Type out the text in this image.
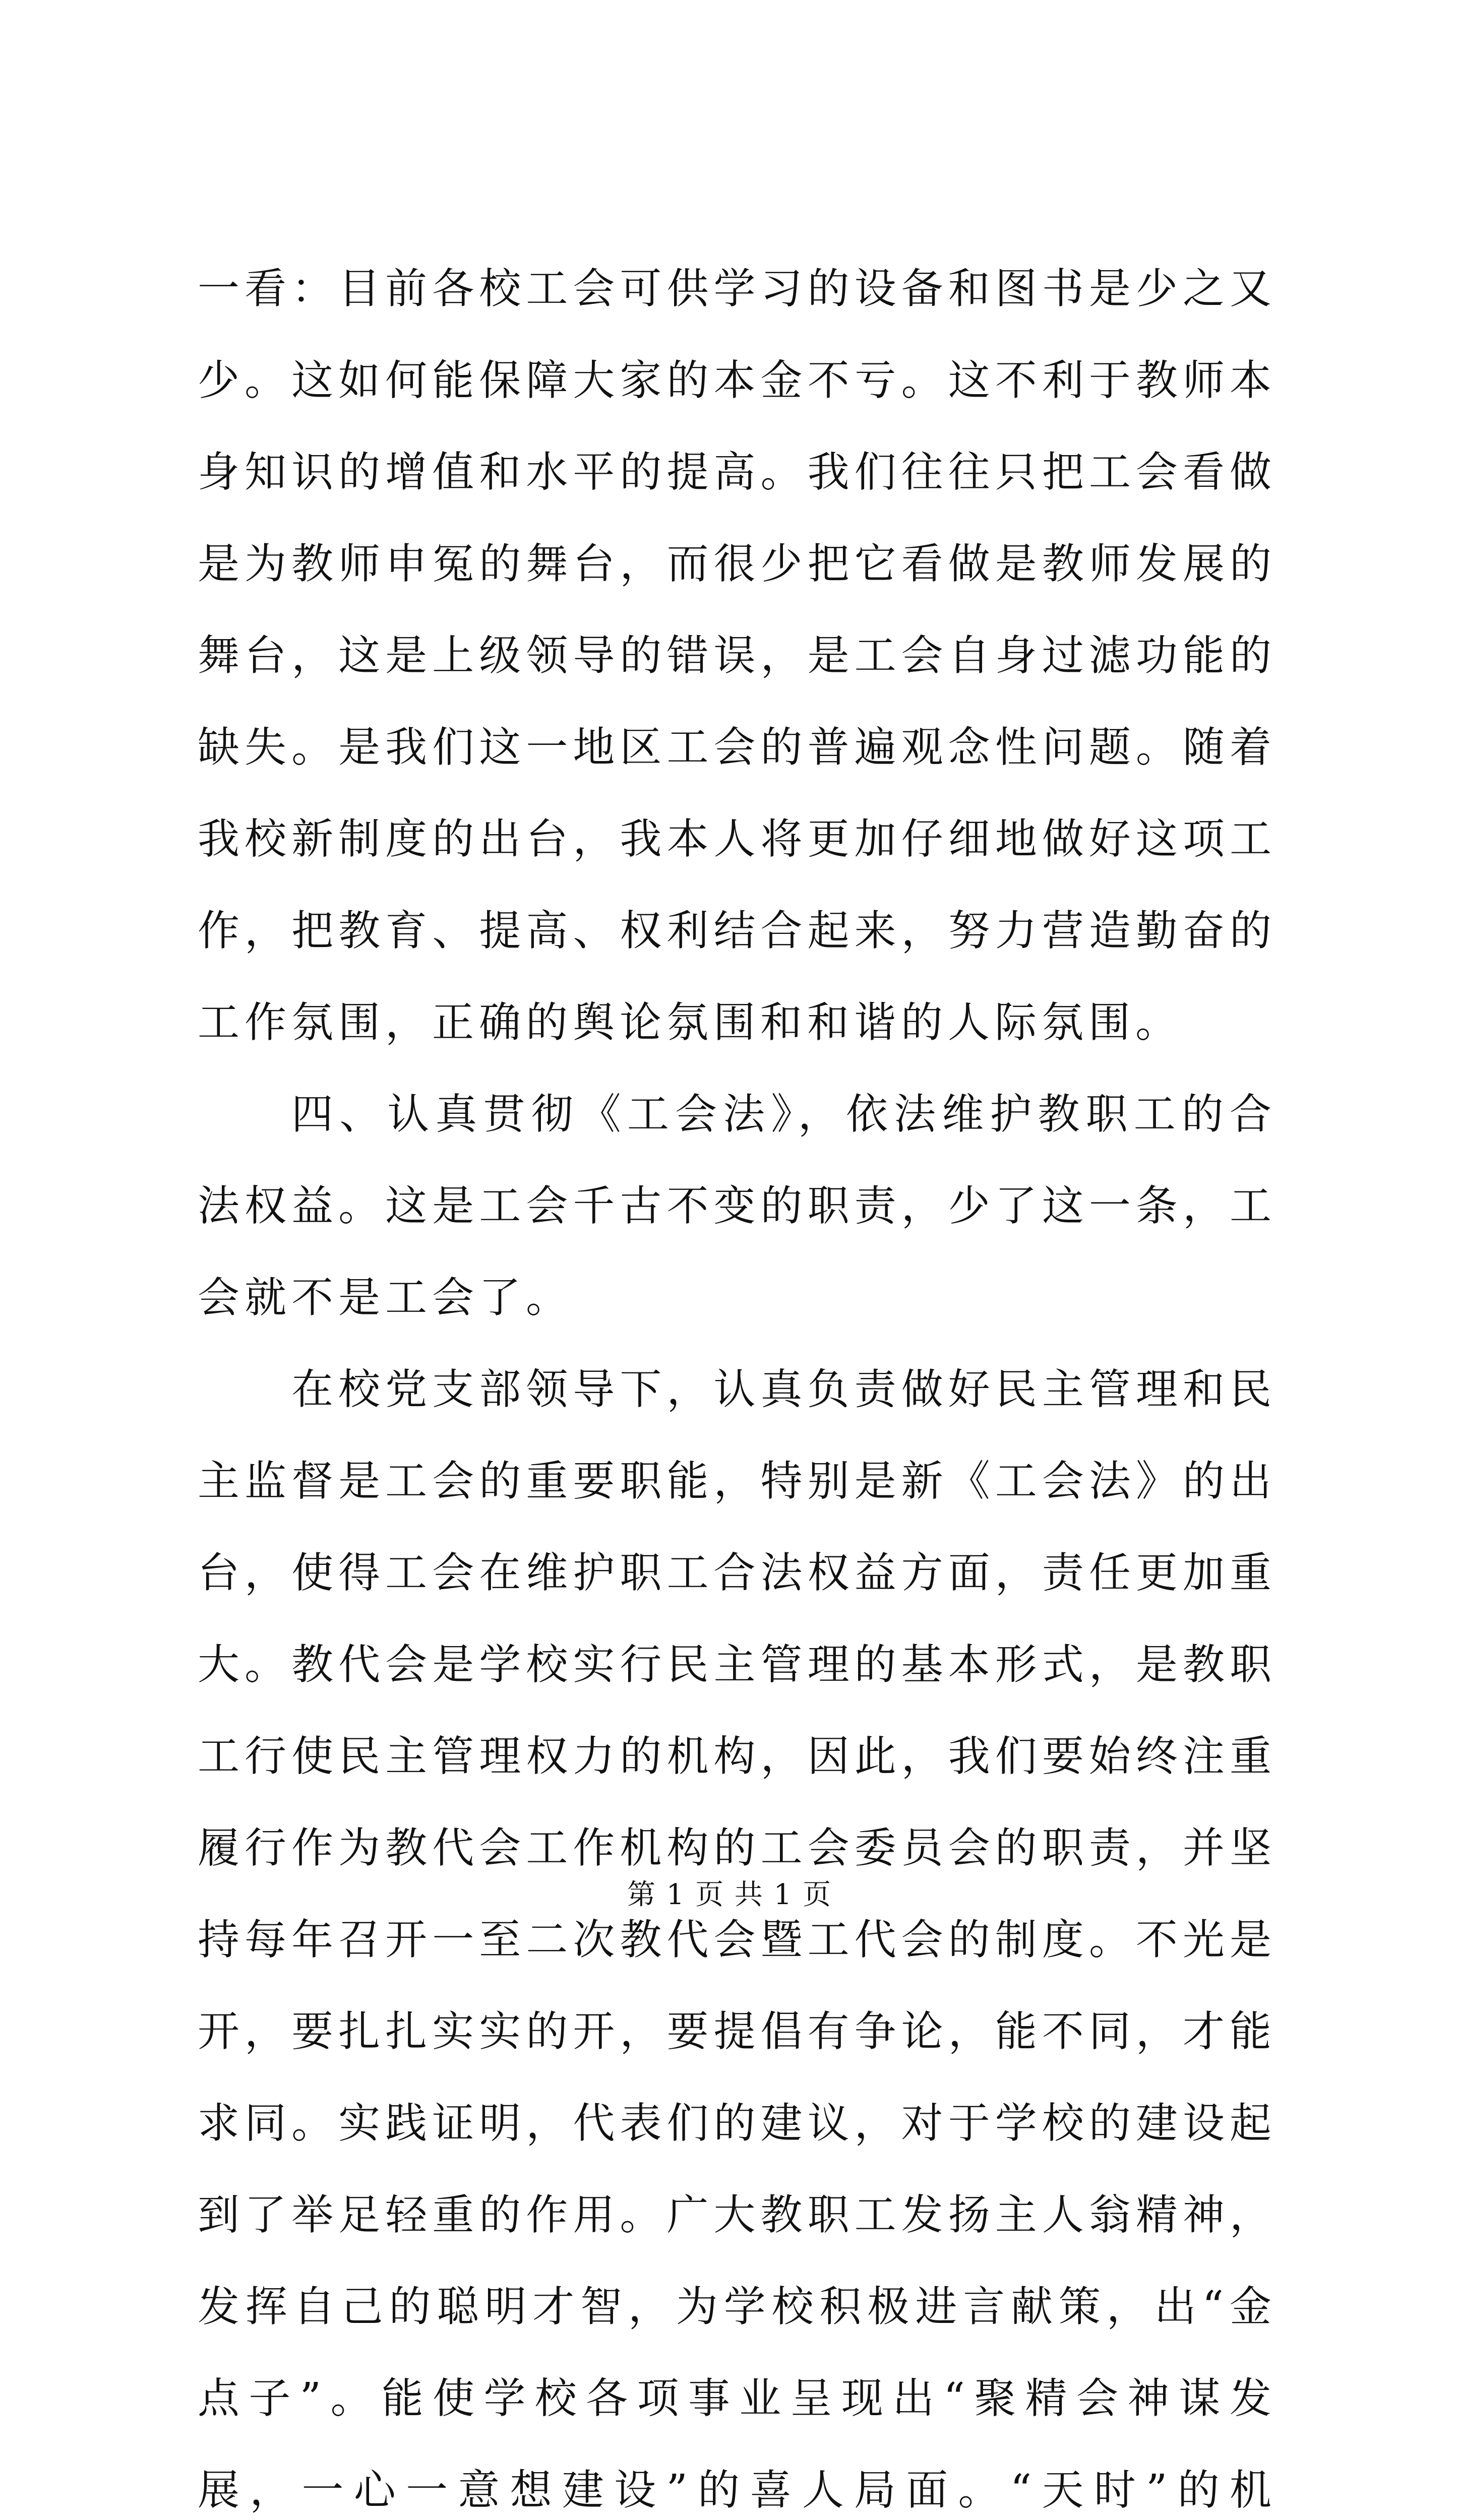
一看：目前各校工会可供学习的设备和图书是少之又少。这如何能保障大家的本金不亏。这不利于教师本身知识的增值和水平的提高。我们往往只把工会看做是为教师申冤的舞台，而很少把它看做是教师发展的舞台，这是上级领导的错误，是工会自身过滤功能的缺失。是我们这一地区工会的普遍观念性问题。随着我校新制度的出台，我本人将更加仔细地做好这项工作，把教育、提高、权利结合起来，努力营造勤奋的工作氛围，正确的舆论氛围和和谐的人际氛围。

四、认真贯彻《工会法》，依法维护教职工的合法权益。这是工会千古不变的职责，少了这一条，工会就不是工会了。

在校党支部领导下，认真负责做好民主管理和民主监督是工会的重要职能，特别是新《工会法》的出台，使得工会在维护职工合法权益方面，责任更加重大。教代会是学校实行民主管理的基本形式，是教职工行使民主管理权力的机构，因此，我们要始终注重履行作为教代会工作机构的工会委员会的职责，并坚持每年召开一至二次教代会暨工代会的制度。不光是开，要扎扎实实的开，要提倡有争论，能不同，才能求同。实践证明，代表们的建议，对于学校的建设起到了举足轻重的作用。广大教职工发扬主人翁精神，发挥自己的聪明才智，为学校积极进言献策，出“金点子”。能使学校各项事业呈现出“聚精会神谋发展，一心一意想建设”的喜人局面。“天时”的机

第 1 页 共 1 页
